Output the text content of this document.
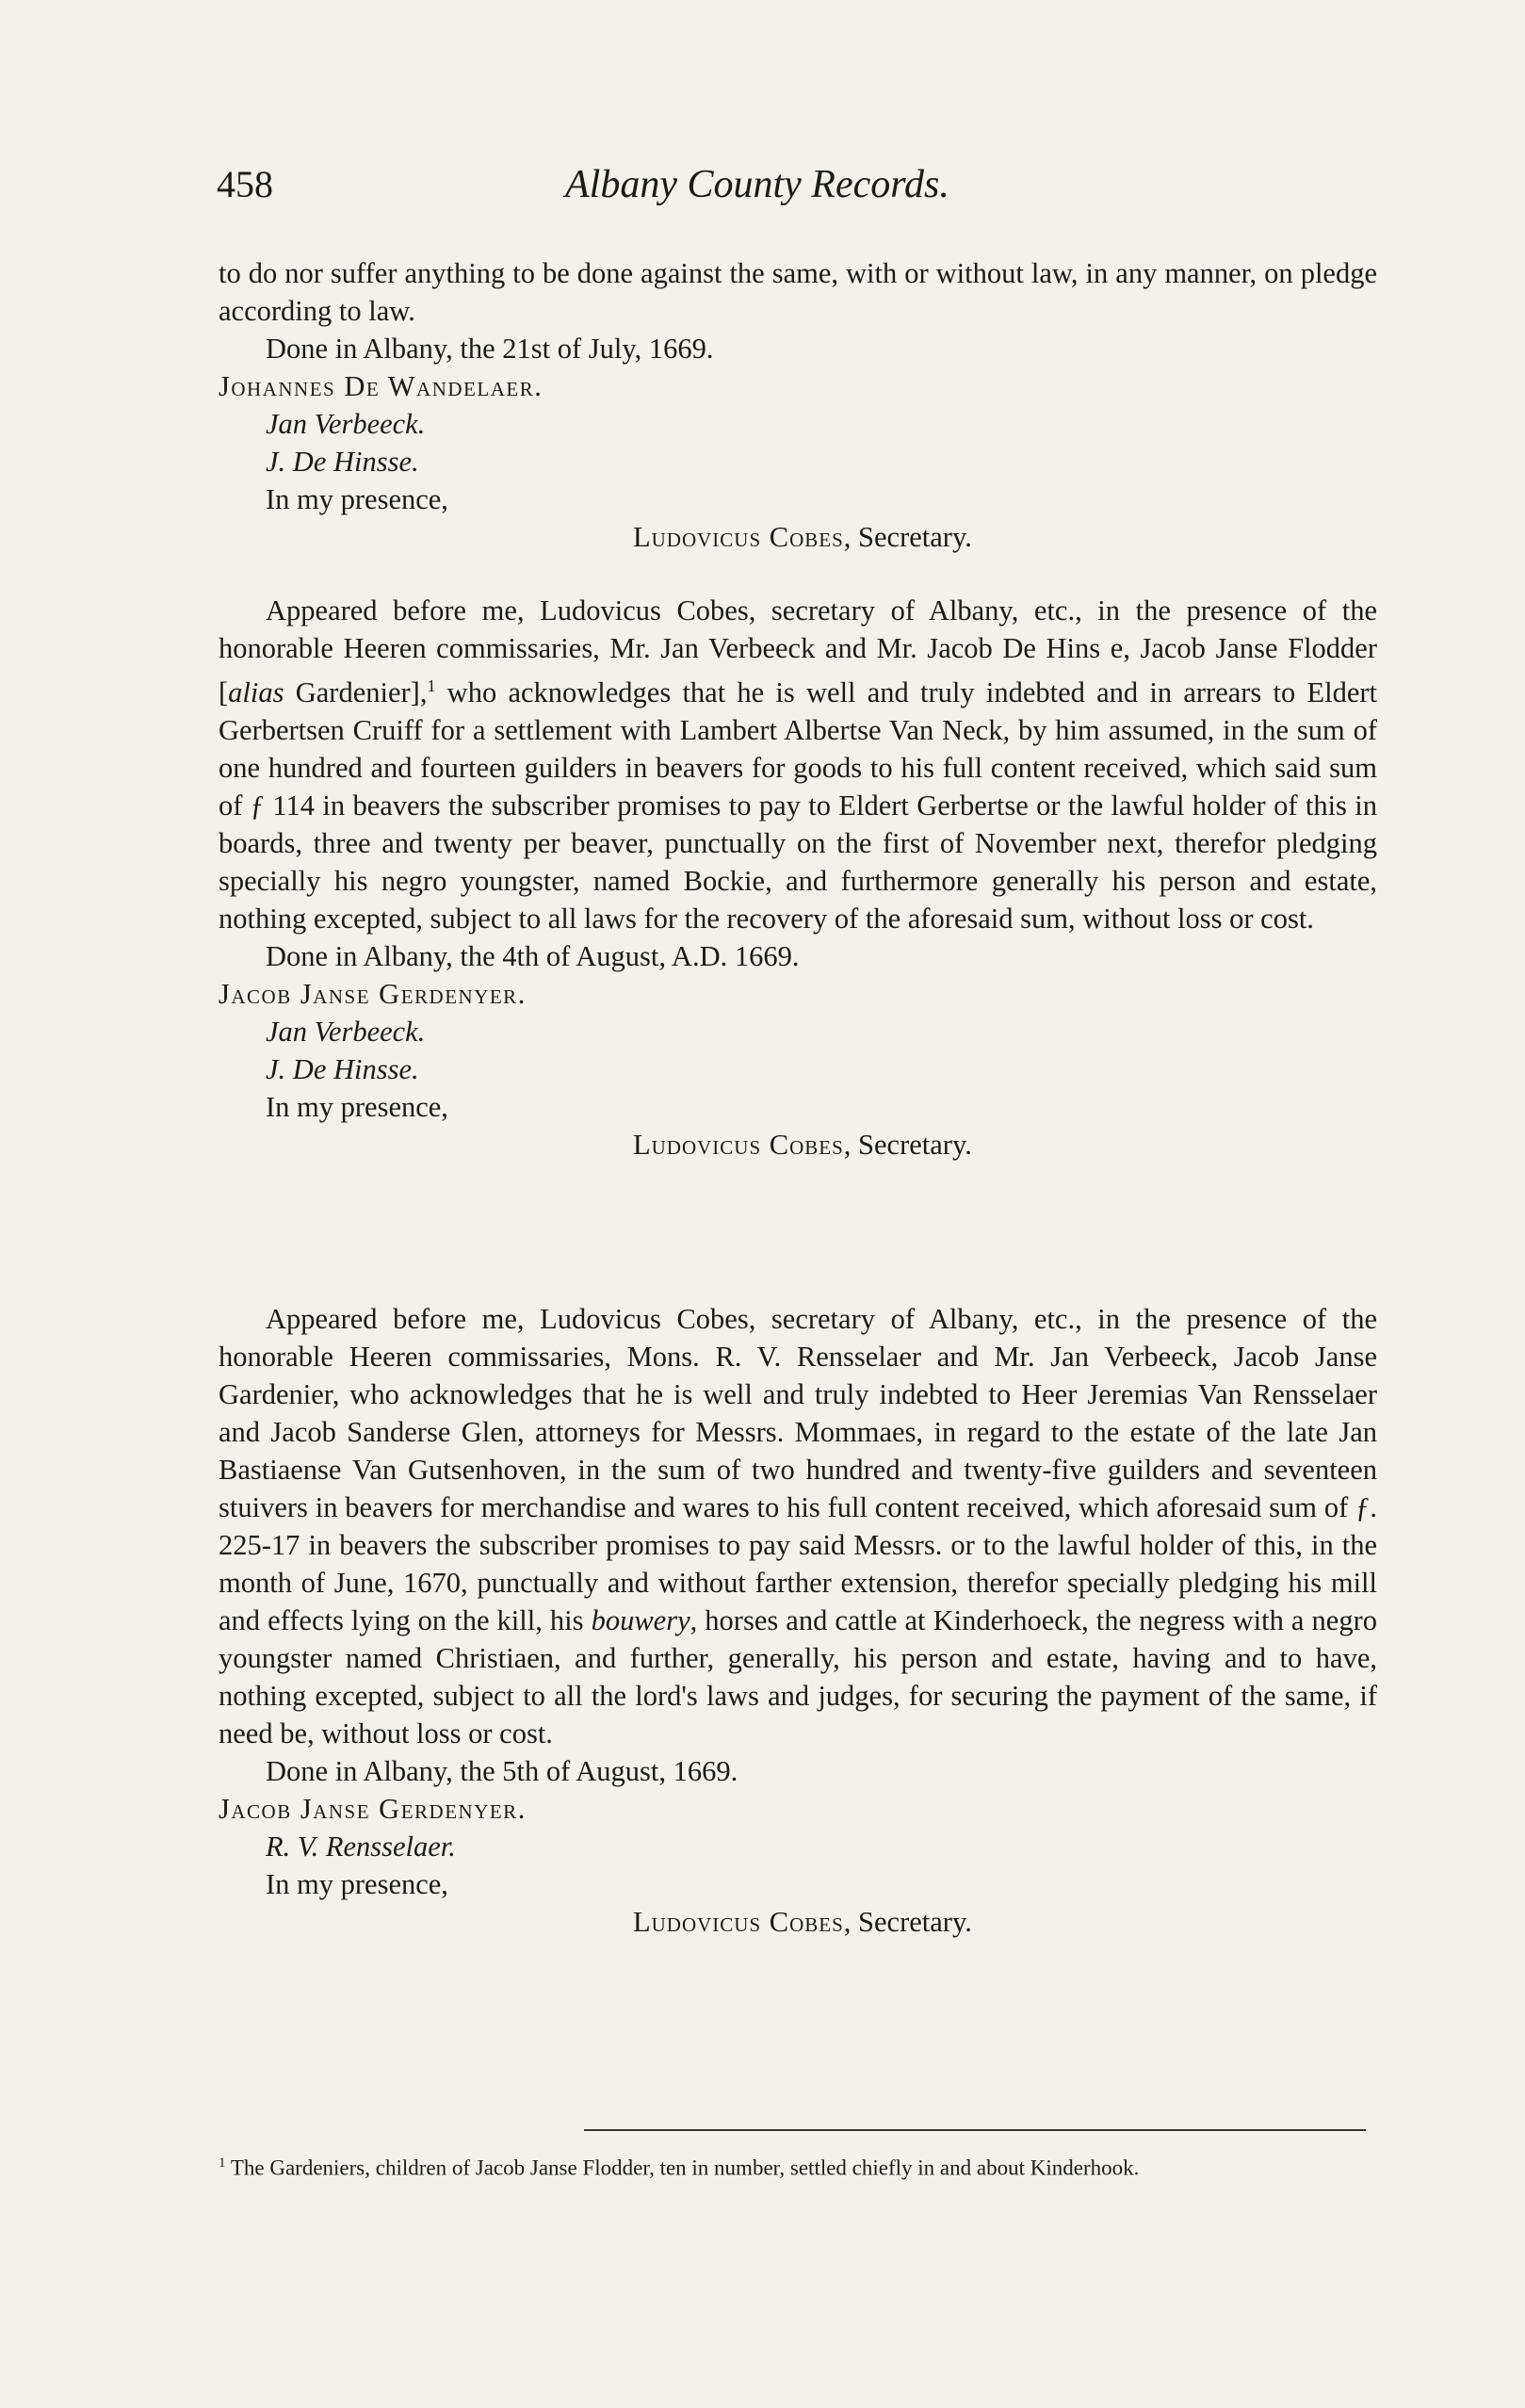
458	Albany County Records.

to do nor suffer anything to be done against the same, with or without law, in any manner, on pledge according to law.

Done in Albany, the 21st of July, 1669.

Johannes De Wandelaer.

Jan Verbeeck.

J. De Hinsse.

In my presence,

Ludovicus Cobes, Secretary.

Appeared before me, Ludovicus Cobes, secretary of Albany, etc., in the presence of the honorable Heeren commissaries, Mr. Jan Verbeeck and Mr. Jacob De Hins e, Jacob Janse Flodder [alias Gardenier],$^1$ who acknowledges that he is well and truly indebted and in arrears to Eldert Gerbertsen Cruiff for a settlement with Lambert Albertse Van Neck, by him assumed, in the sum of one hundred and fourteen guilders in beavers for goods to his full content received, which said sum of ƒ 114 in beavers the subscriber promises to pay to Eldert Gerbertse or the lawful holder of this in boards, three and twenty per beaver, punctually on the first of November next, therefor pledging specially his negro youngster, named Bockie, and furthermore generally his person and estate, nothing excepted, subject to all laws for the recovery of the aforesaid sum, without loss or cost.

Done in Albany, the 4th of August, A.D. 1669.

Jacob Janse Gerdenyer.

Jan Verbeeck.

J. De Hinsse.

In my presence,

Ludovicus Cobes, Secretary.

Appeared before me, Ludovicus Cobes, secretary of Albany, etc., in the presence of the honorable Heeren commissaries, Mons. R. V. Rensselaer and Mr. Jan Verbeeck, Jacob Janse Gardenier, who acknowledges that he is well and truly indebted to Heer Jeremias Van Rensselaer and Jacob Sanderse Glen, attorneys for Messrs. Mommaes, in regard to the estate of the late Jan Bastiaense Van Gutsenhoven, in the sum of two hundred and twenty-five guilders and seventeen stuivers in beavers for merchandise and wares to his full content received, which aforesaid sum of ƒ. 225-17 in beavers the subscriber promises to pay said Messrs. or to the lawful holder of this, in the month of June, 1670, punctually and without farther extension, therefor specially pledging his mill and effects lying on the kill, his bouwery, horses and cattle at Kinderhoeck, the negress with a negro youngster named Christiaen, and further, generally, his person and estate, having and to have, nothing excepted, subject to all the lord's laws and judges, for securing the payment of the same, if need be, without loss or cost.

Done in Albany, the 5th of August, 1669.

Jacob Janse Gerdenyer.

R. V. Rensselaer.

In my presence,

Ludovicus Cobes, Secretary.

$^1$ The Gardeniers, children of Jacob Janse Flodder, ten in number, settled chiefly in and about Kinderhook.
